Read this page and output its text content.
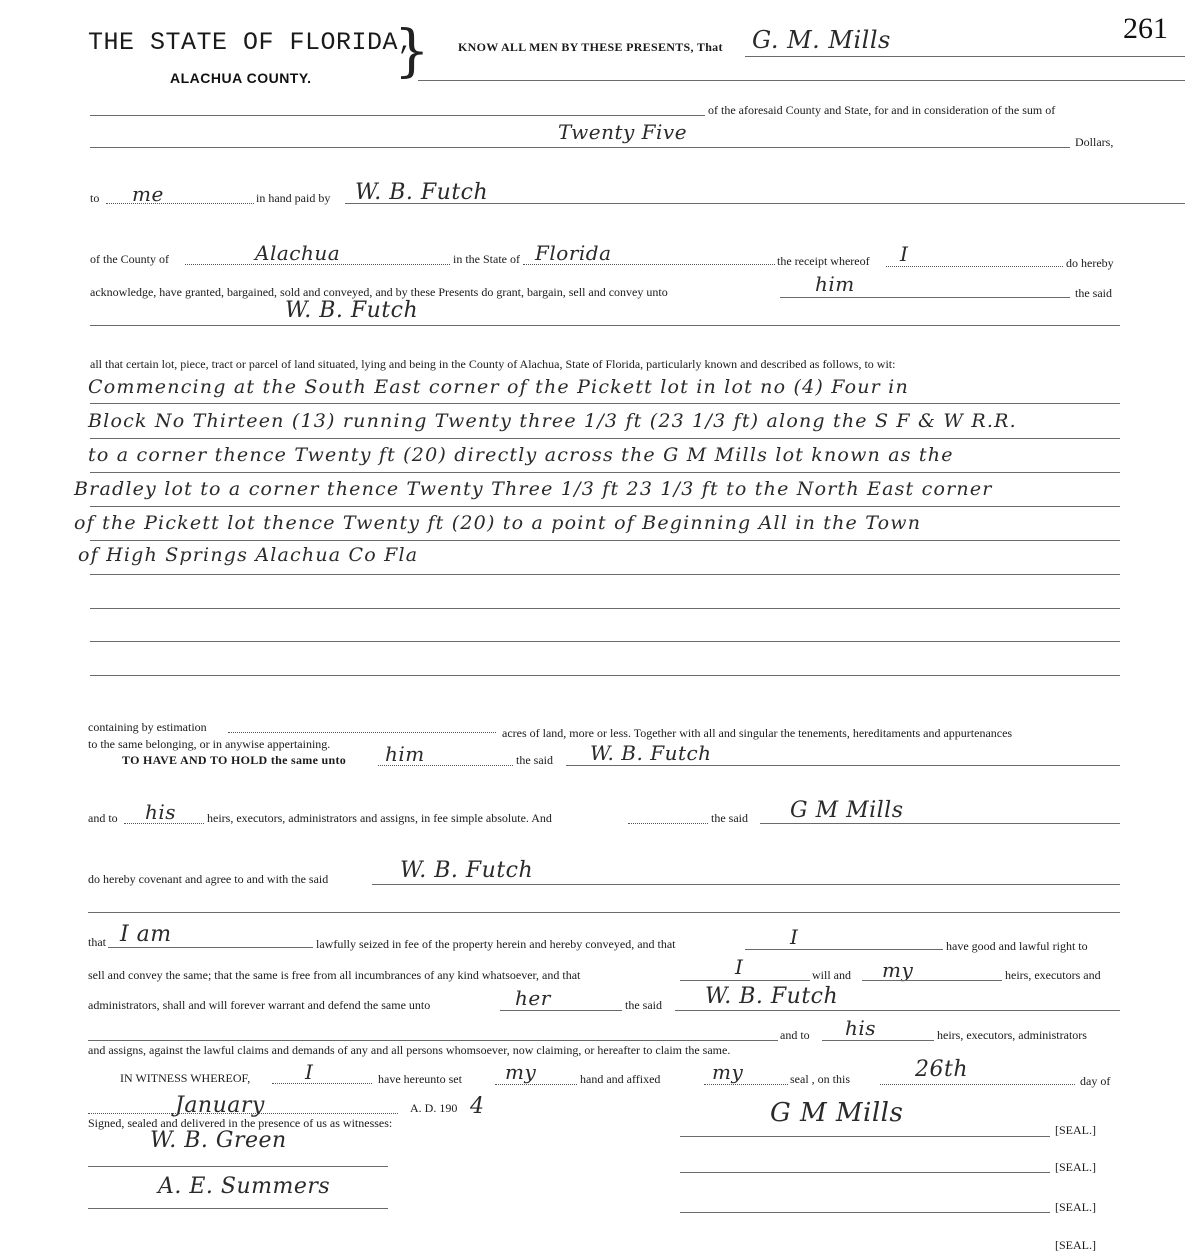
261
THE STATE OF FLORIDA,
}
ALACHUA COUNTY.
KNOW ALL MEN BY THESE PRESENTS, That G. M. Mills
of the aforesaid County and State, for and in consideration of the sum of
Twenty Five	Dollars,
to me	in hand paid by W. B. Futch
of the County of	Alachua	in the State of Florida	the receipt whereof I	do hereby
acknowledge, have granted, bargained, sold and conveyed, and by these Presents do grant, bargain, sell and convey unto	him	the said
W. B. Futch
all that certain lot, piece, tract or parcel of land situated, lying and being in the County of Alachua, State of Florida, particularly known and described as follows, to wit:
Commencing at the South East corner of the Pickett lot in lot no (4) Four in
Block No Thirteen (13) running Twenty three 1/3 ft (23 1/3 ft) along the S F & W R.R.
to a corner thence Twenty ft (20) directly across the G M Mills lot known as the
Bradley lot to a corner thence Twenty Three 1/3 ft 23 1/3 ft to the North East corner
of the Pickett lot thence Twenty ft (20) to a point of Beginning All in the Town
of High Springs Alachua Co Fla
containing by estimation	acres of land, more or less. Together with all and singular the tenements, hereditaments and appurtenances
to the same belonging, or in anywise appertaining.
TO HAVE AND TO HOLD the same unto him	the said W. B. Futch
and to his	heirs, executors, administrators and assigns, in fee simple absolute. And	the said G M Mills
do hereby covenant and agree to and with the said	W. B. Futch
that I am	lawfully seized in fee of the property herein and hereby conveyed, and that	I	have good and lawful right to
sell and convey the same; that the same is free from all incumbrances of any kind whatsoever, and that	I	will and my	heirs, executors and
administrators, shall and will forever warrant and defend the same unto	her	the said W. B. Futch
and to his	heirs, executors, administrators
and assigns, against the lawful claims and demands of any and all persons whomsoever, now claiming, or hereafter to claim the same.
IN WITNESS WHEREOF,	I	have hereunto set my	hand and affixed	my	seal , on this	26th	day of
January	A. D. 190 4
Signed, sealed and delivered in the presence of us as witnesses:	G M Mills
[SEAL.]
W. B. Green
[SEAL.]
A. E. Summers
[SEAL.]
[SEAL.]
